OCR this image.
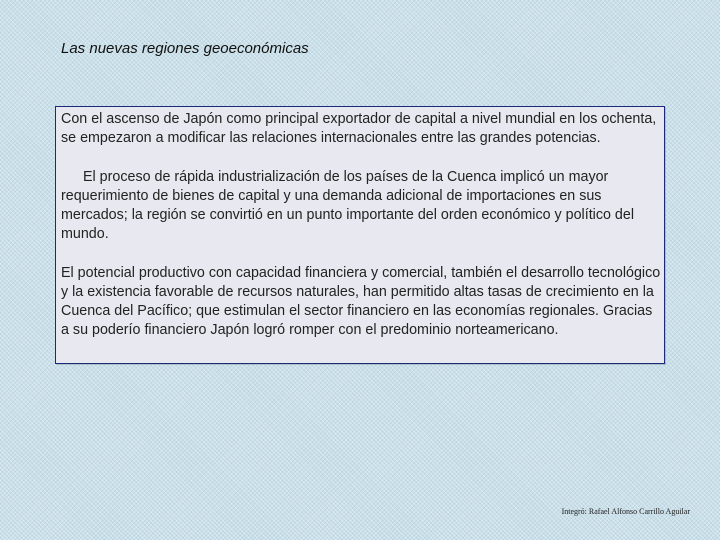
Las nuevas regiones geoeconómicas

Con el ascenso de Japón como principal exportador de capital a nivel mundial en los ochenta, se empezaron a modificar las relaciones internacionales entre las grandes potencias.

El proceso de rápida industrialización de los países de la Cuenca implicó un mayor requerimiento de bienes de capital y una demanda adicional de importaciones en sus mercados; la región se convirtió en un punto importante del orden económico y político del mundo.

El potencial productivo con capacidad financiera y comercial, también el desarrollo tecnológico y la existencia favorable de recursos naturales, han permitido altas tasas de crecimiento en la Cuenca del Pacífico; que estimulan el sector financiero en las economías regionales. Gracias a su poderío financiero Japón logró romper con el predominio norteamericano.

Integró: Rafael Alfonso Carrillo Aguilar
